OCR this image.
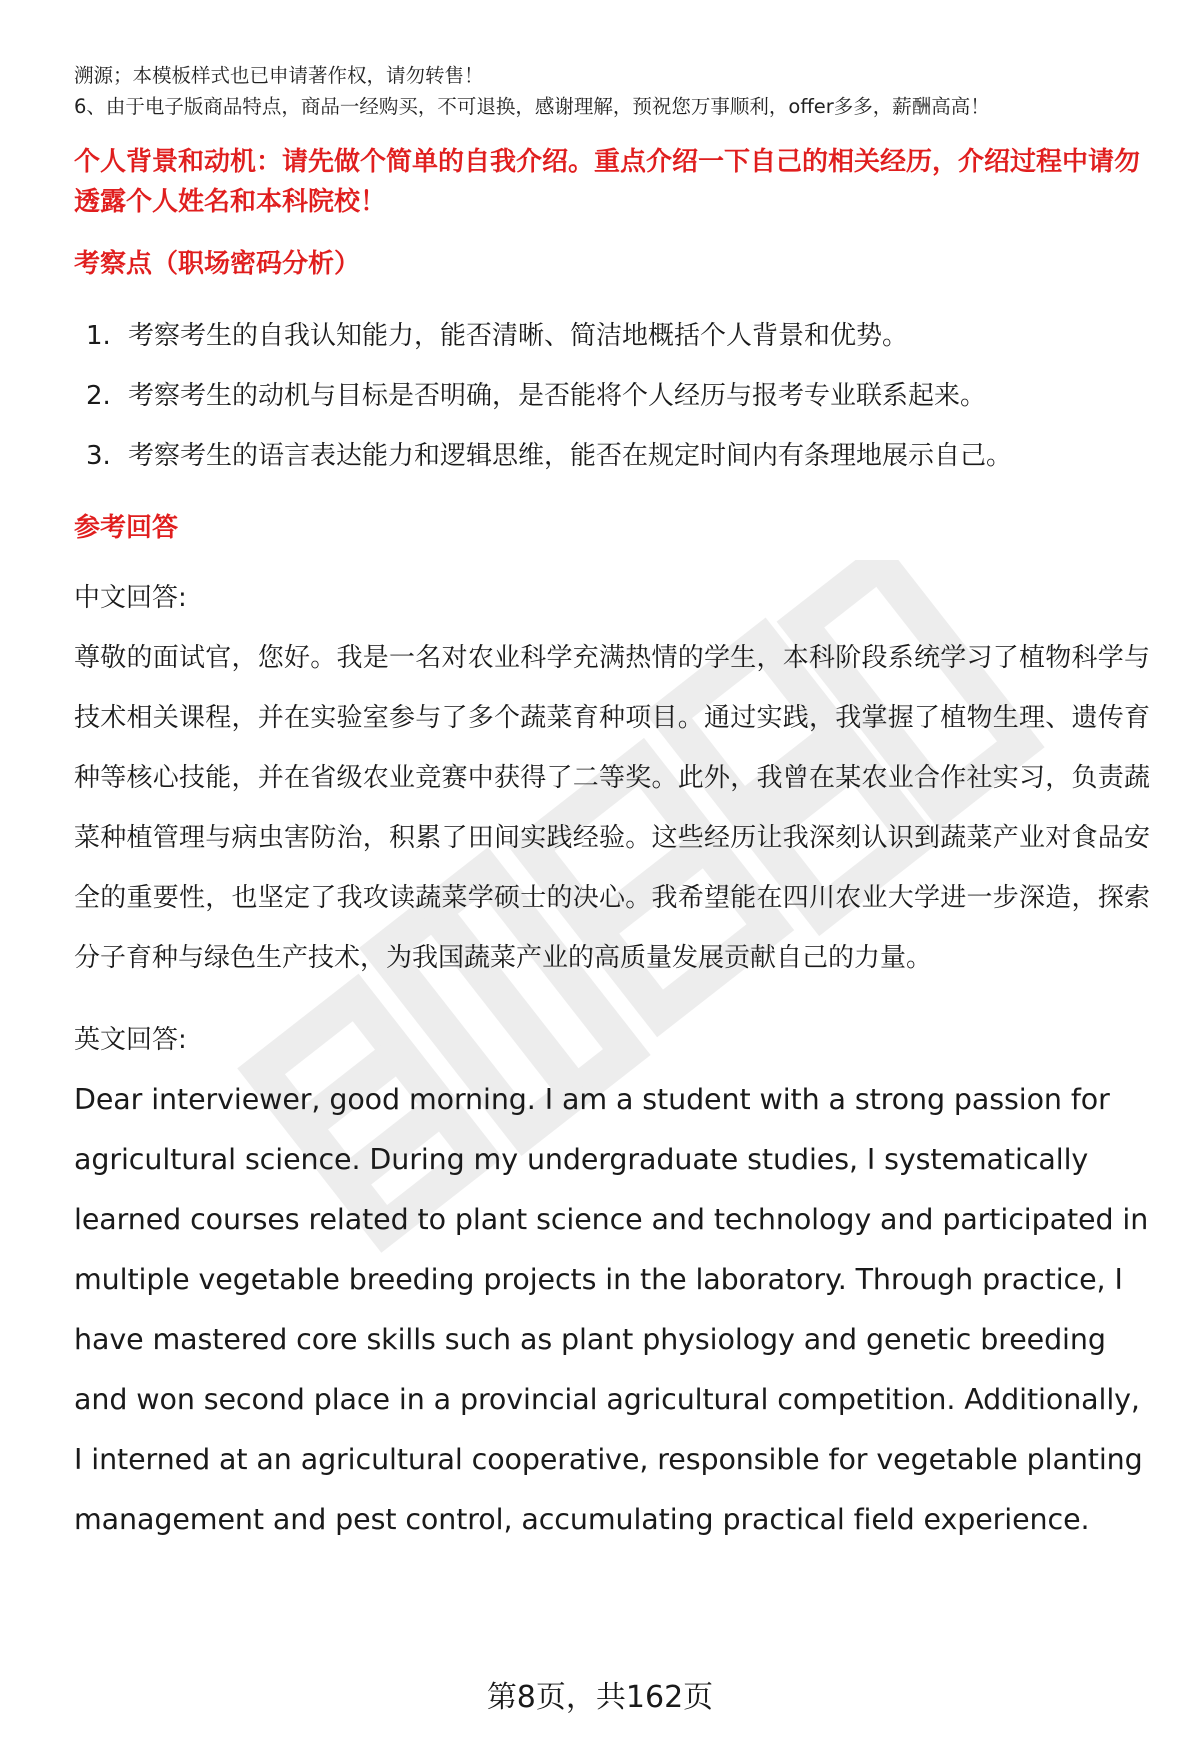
溯源；本模板样式也已申请著作权，请勿转售！

6、由于电子版商品特点，商品一经购买，不可退换，感谢理解，预祝您万事顺利，offer多多，薪酬高高！

个人背景和动机：请先做个简单的自我介绍。重点介绍一下自己的相关经历，介绍过程中请勿透露个人姓名和本科院校！

考察点（职场密码分析）

1. 考察考生的自我认知能力，能否清晰、简洁地概括个人背景和优势。
2. 考察考生的动机与目标是否明确，是否能将个人经历与报考专业联系起来。
3. 考察考生的语言表达能力和逻辑思维，能否在规定时间内有条理地展示自己。

参考回答

中文回答:

尊敬的面试官，您好。我是一名对农业科学充满热情的学生，本科阶段系统学习了植物科学与技术相关课程，并在实验室参与了多个蔬菜育种项目。通过实践，我掌握了植物生理、遗传育种等核心技能，并在省级农业竞赛中获得了二等奖。此外，我曾在某农业合作社实习，负责蔬菜种植管理与病虫害防治，积累了田间实践经验。这些经历让我深刻认识到蔬菜产业对食品安全的重要性，也坚定了我攻读蔬菜学硕士的决心。我希望能在四川农业大学进一步深造，探索分子育种与绿色生产技术，为我国蔬菜产业的高质量发展贡献自己的力量。

英文回答:

Dear interviewer, good morning. I am a student with a strong passion for agricultural science. During my undergraduate studies, I systematically learned courses related to plant science and technology and participated in multiple vegetable breeding projects in the laboratory. Through practice, I have mastered core skills such as plant physiology and genetic breeding and won second place in a provincial agricultural competition. Additionally, I interned at an agricultural cooperative, responsible for vegetable planting management and pest control, accumulating practical field experience.

第8页，共162页
